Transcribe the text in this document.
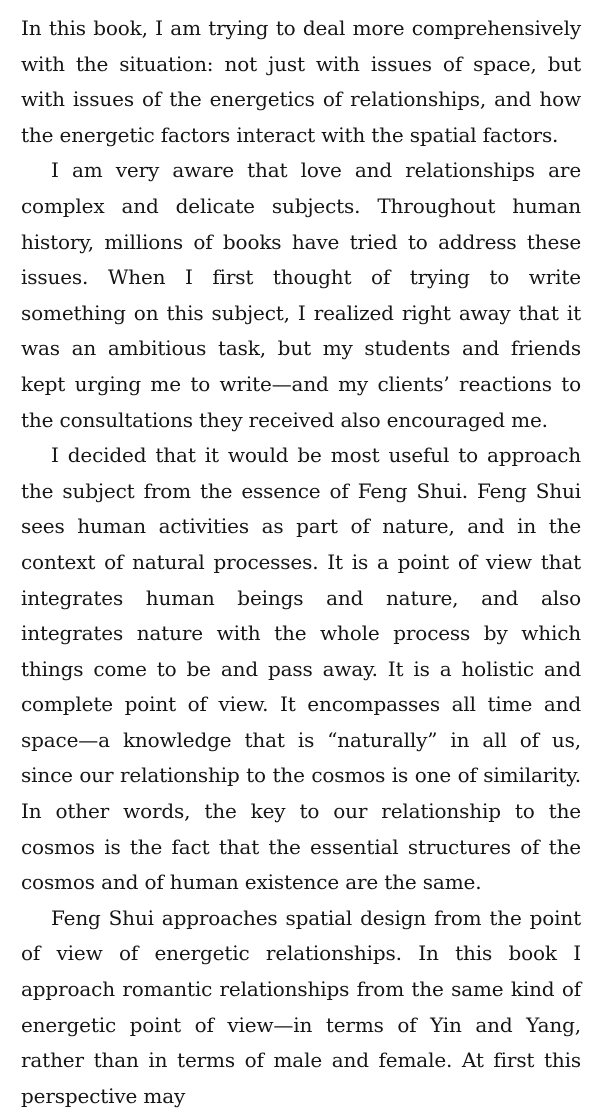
In this book, I am trying to deal more comprehensively with the situation: not just with issues of space, but with issues of the energetics of relationships, and how the energetic factors interact with the spatial factors.

I am very aware that love and relationships are complex and delicate subjects. Throughout human history, millions of books have tried to address these issues. When I first thought of trying to write something on this subject, I realized right away that it was an ambitious task, but my students and friends kept urging me to write—and my clients’ reactions to the consultations they received also encouraged me.

I decided that it would be most useful to approach the subject from the essence of Feng Shui. Feng Shui sees human activities as part of nature, and in the context of natural processes. It is a point of view that integrates human beings and nature, and also integrates nature with the whole process by which things come to be and pass away. It is a holistic and complete point of view. It encompasses all time and space—a knowledge that is “naturally” in all of us, since our relationship to the cosmos is one of similarity. In other words, the key to our relationship to the cosmos is the fact that the essential structures of the cosmos and of human existence are the same.

Feng Shui approaches spatial design from the point of view of energetic relationships. In this book I approach romantic relationships from the same kind of energetic point of view—in terms of Yin and Yang, rather than in terms of male and female. At first this perspective may
